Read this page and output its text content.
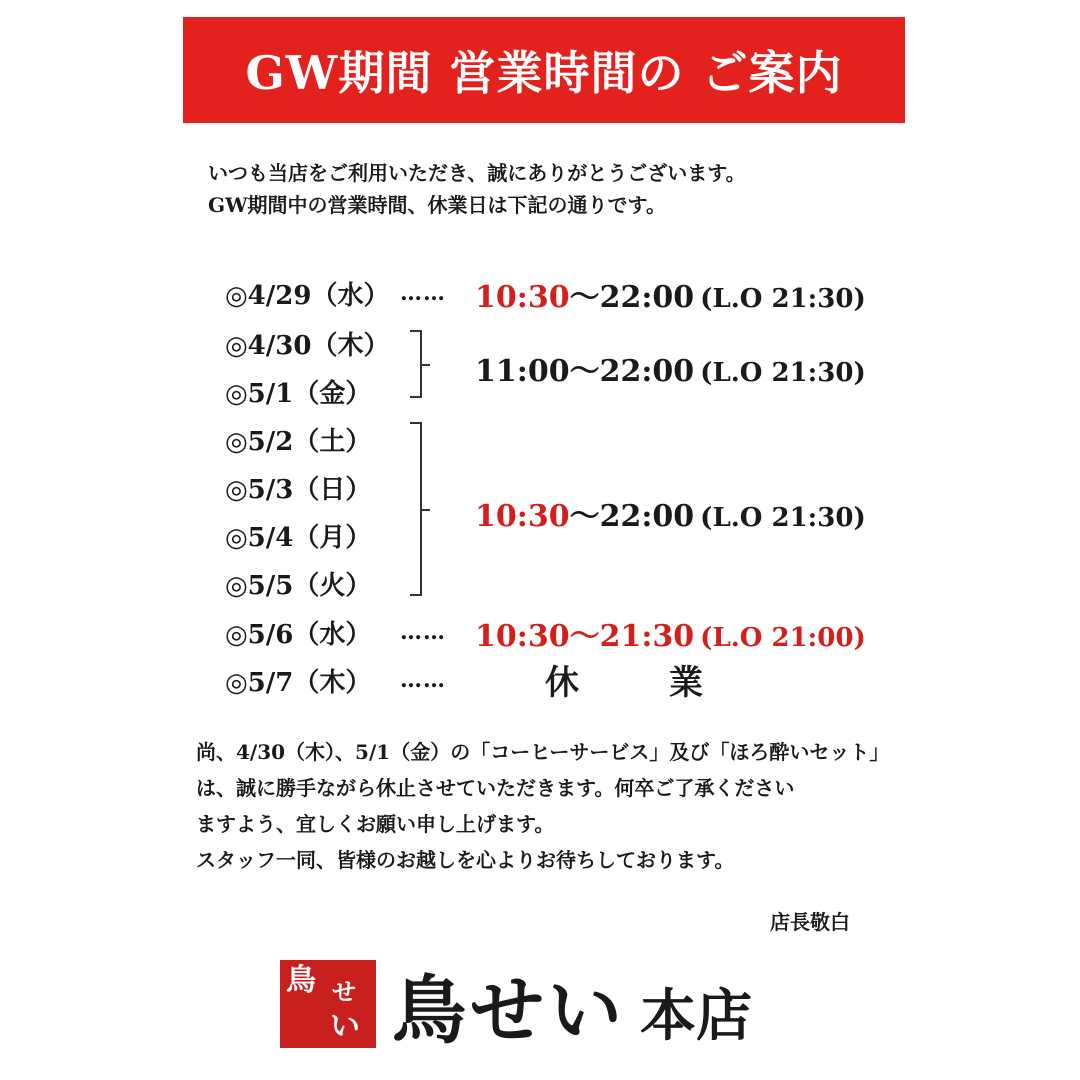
GW期間 営業時間の ご案内
いつも当店をご利用いただき、誠にありがとうございます。
GW期間中の営業時間、休業日は下記の通りです。
◎4/29（水）
◎4/30（木）
◎5/1（金）
◎5/2（土）
◎5/3（日）
◎5/4（月）
◎5/5（火）
◎5/6（水）
◎5/7（木）
……
……
……
10:30～22:00 (L.O 21:30)
11:00～22:00 (L.O 21:30)
10:30～22:00 (L.O 21:30)
10:30～21:30 (L.O 21:00)
休業
尚、4/30（木）、5/1（金）の「コーヒーサービス」及び「ほろ酔いセット」
は、誠に勝手ながら休止させていただきます。何卒ご了承ください
ますよう、宜しくお願い申し上げます。
スタッフ一同、皆様のお越しを心よりお待ちしております。
店長敬白
鳥 せ
い 鳥せい 本店
